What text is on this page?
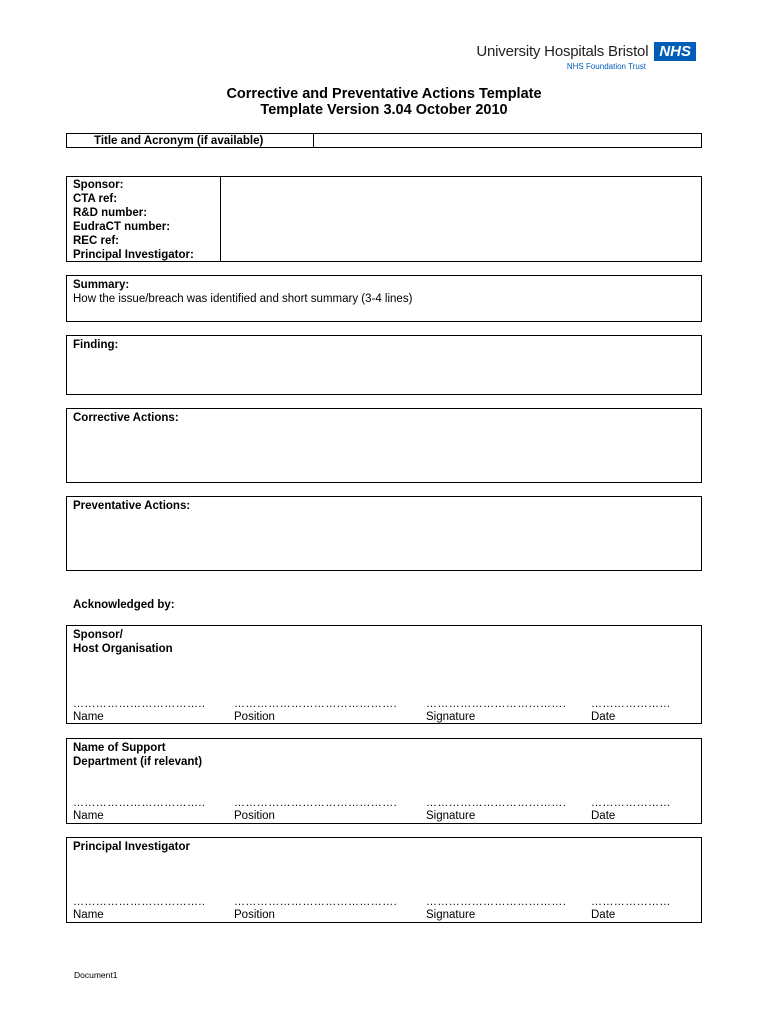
University Hospitals Bristol NHS
NHS Foundation Trust
Corrective and Preventative Actions Template
Template Version 3.04 October 2010
Title and Acronym (if available)
Sponsor:
CTA ref:
R&D number:
EudraCT number:
REC ref:
Principal Investigator:
Summary:
How the issue/breach was identified and short summary (3-4 lines)
Finding:
Corrective Actions:
Preventative Actions:
Acknowledged by:
Sponsor/
Host Organisation
……………………………..	…………………………………….	………………………………. …………………
Name	Position	Signature	Date
Name of Support
Department (if relevant)
……………………………..	…………………………………….	………………………………. …………………
Name	Position	Signature	Date
Principal Investigator
……………………………..	…………………………………….	………………………………. …………………
Name	Position	Signature	Date
Document1
